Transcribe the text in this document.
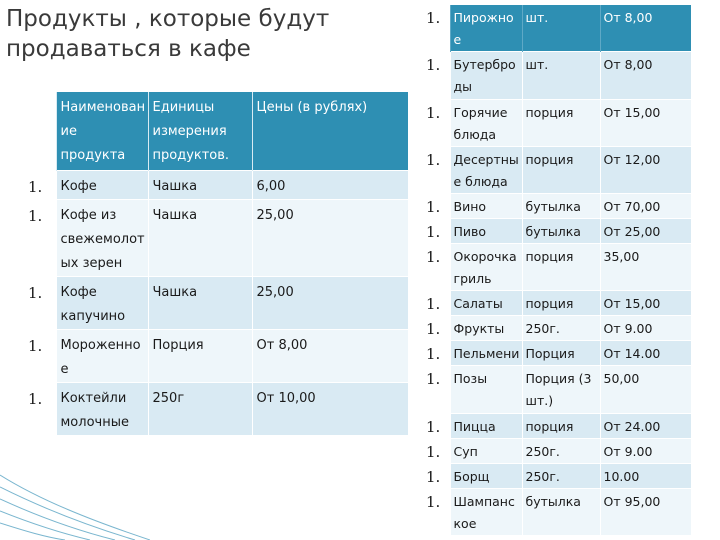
Продукты , которые будут
продаваться в кафе
	Наименован ие продукта	Единицы измерения продуктов.	Цены (в рублях)
1.	Кофе	Чашка	6,00
1.	Кофе из свежемолот ых зерен	Чашка	25,00
1.	Кофе капучино	Чашка	25,00
1.	Мороженно е	Порция	От 8,00
1.	Коктейли молочные	250г	От 10,00
1.	Пирожно е	шт.	От 8,00
1.	Бутербро ды	шт.	От 8,00
1.	Горячие блюда	порция	От 15,00
1.	Десертны е блюда	порция	От 12,00
1.	Вино	бутылка	От 70,00
1.	Пиво	бутылка	От 25,00
1.	Окорочка гриль	порция	35,00
1.	Салаты	порция	От 15,00
1.	Фрукты	250г.	От 9.00
1.	Пельмени	Порция	От 14.00
1.	Позы	Порция (3 шт.)	50,00
1.	Пицца	порция	От 24.00
1.	Суп	250г.	От 9.00
1.	Борщ	250г.	10.00
1.	Шампанс кое	бутылка	От 95,00
